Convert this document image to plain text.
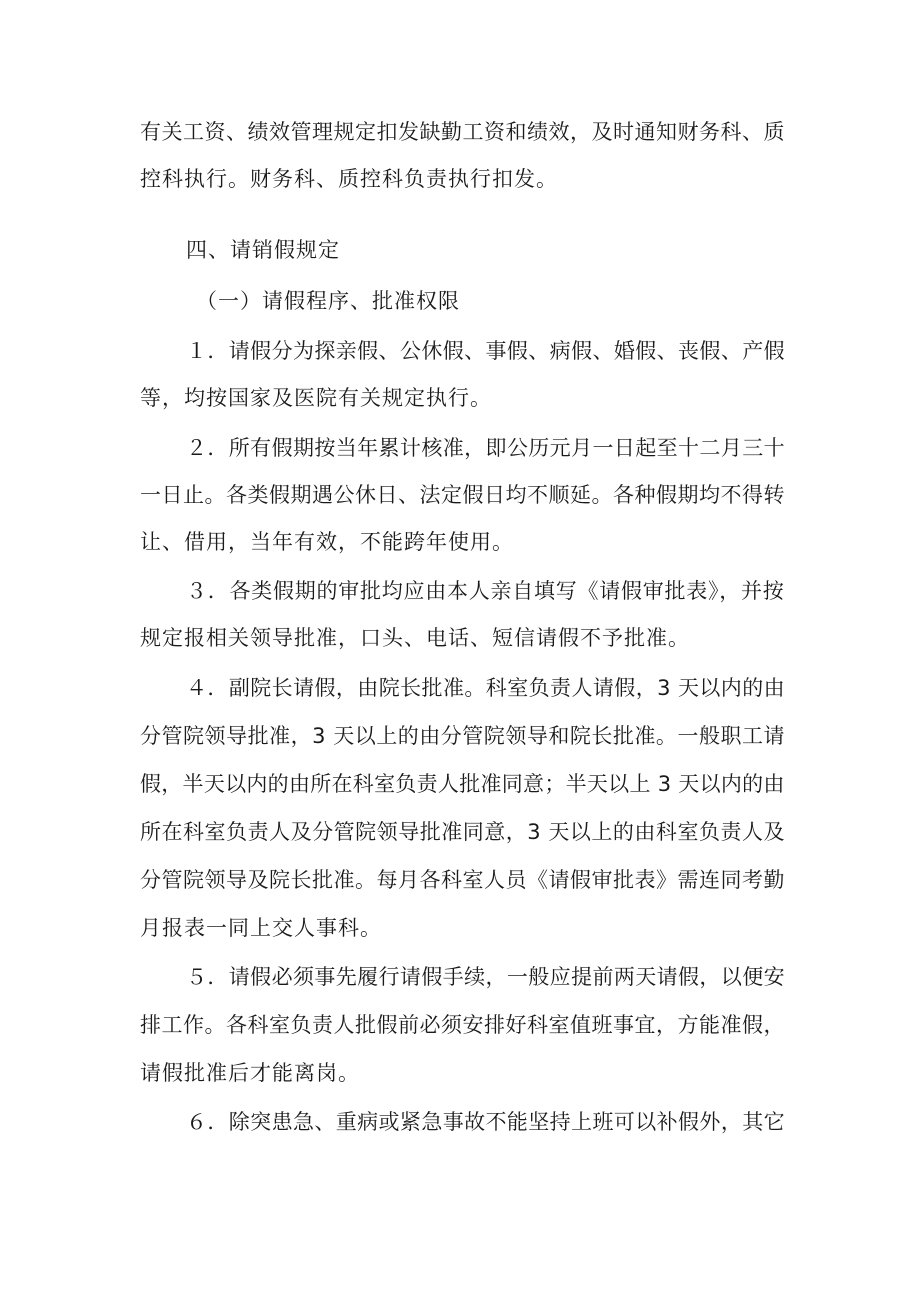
有关工资、绩效管理规定扣发缺勤工资和绩效，及时通知财务科、质

控科执行。财务科、质控科负责执行扣发。

四、请销假规定

（一）请假程序、批准权限

１．请假分为探亲假、公休假、事假、病假、婚假、丧假、产假

等，均按国家及医院有关规定执行。

２．所有假期按当年累计核准，即公历元月一日起至十二月三十

一日止。各类假期遇公休日、法定假日均不顺延。各种假期均不得转

让、借用，当年有效，不能跨年使用。

３．各类假期的审批均应由本人亲自填写《请假审批表》，并按

规定报相关领导批准，口头、电话、短信请假不予批准。

４．副院长请假，由院长批准。科室负责人请假，3 天以内的由

分管院领导批准，3 天以上的由分管院领导和院长批准。一般职工请

假，半天以内的由所在科室负责人批准同意；半天以上 3 天以内的由

所在科室负责人及分管院领导批准同意，3 天以上的由科室负责人及

分管院领导及院长批准。每月各科室人员《请假审批表》需连同考勤

月报表一同上交人事科。

５．请假必须事先履行请假手续，一般应提前两天请假，以便安

排工作。各科室负责人批假前必须安排好科室值班事宜，方能准假，

请假批准后才能离岗。

６．除突患急、重病或紧急事故不能坚持上班可以补假外，其它
